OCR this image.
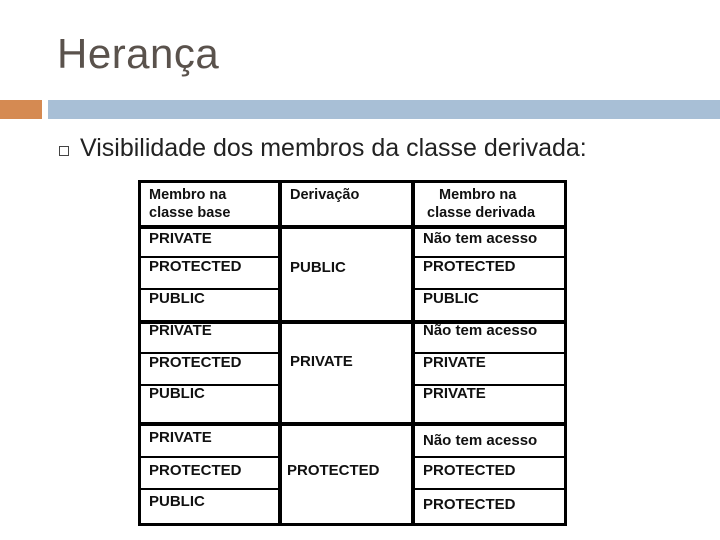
Herança
Visibilidade dos membros da classe derivada:
Membro na
classe base
Derivação	Membro na
classe derivada
PRIVATE
PROTECTED
PUBLIC
PUBLIC
Não tem acesso
PROTECTED
PUBLIC
PRIVATE
PROTECTED
PUBLIC
PRIVATE
Não tem acesso
PRIVATE
PRIVATE
PRIVATE
PROTECTED
PUBLIC
PROTECTED
Não tem acesso
PROTECTED
PROTECTED
